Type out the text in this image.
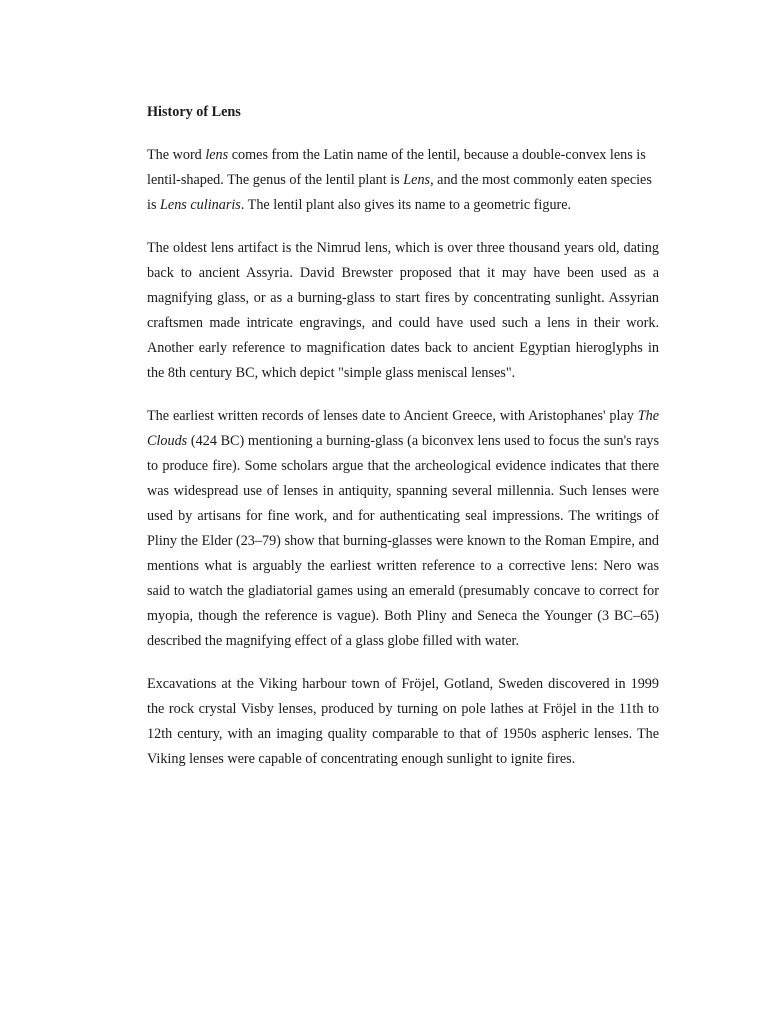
History of Lens

The word lens comes from the Latin name of the lentil, because a double-convex lens is lentil-shaped. The genus of the lentil plant is Lens, and the most commonly eaten species is Lens culinaris. The lentil plant also gives its name to a geometric figure.

The oldest lens artifact is the Nimrud lens, which is over three thousand years old, dating back to ancient Assyria. David Brewster proposed that it may have been used as a magnifying glass, or as a burning-glass to start fires by concentrating sunlight. Assyrian craftsmen made intricate engravings, and could have used such a lens in their work. Another early reference to magnification dates back to ancient Egyptian hieroglyphs in the 8th century BC, which depict "simple glass meniscal lenses".

The earliest written records of lenses date to Ancient Greece, with Aristophanes' play The Clouds (424 BC) mentioning a burning-glass (a biconvex lens used to focus the sun's rays to produce fire). Some scholars argue that the archeological evidence indicates that there was widespread use of lenses in antiquity, spanning several millennia. Such lenses were used by artisans for fine work, and for authenticating seal impressions. The writings of Pliny the Elder (23–79) show that burning-glasses were known to the Roman Empire, and mentions what is arguably the earliest written reference to a corrective lens: Nero was said to watch the gladiatorial games using an emerald (presumably concave to correct for myopia, though the reference is vague). Both Pliny and Seneca the Younger (3 BC–65) described the magnifying effect of a glass globe filled with water.

Excavations at the Viking harbour town of Fröjel, Gotland, Sweden discovered in 1999 the rock crystal Visby lenses, produced by turning on pole lathes at Fröjel in the 11th to 12th century, with an imaging quality comparable to that of 1950s aspheric lenses. The Viking lenses were capable of concentrating enough sunlight to ignite fires.
